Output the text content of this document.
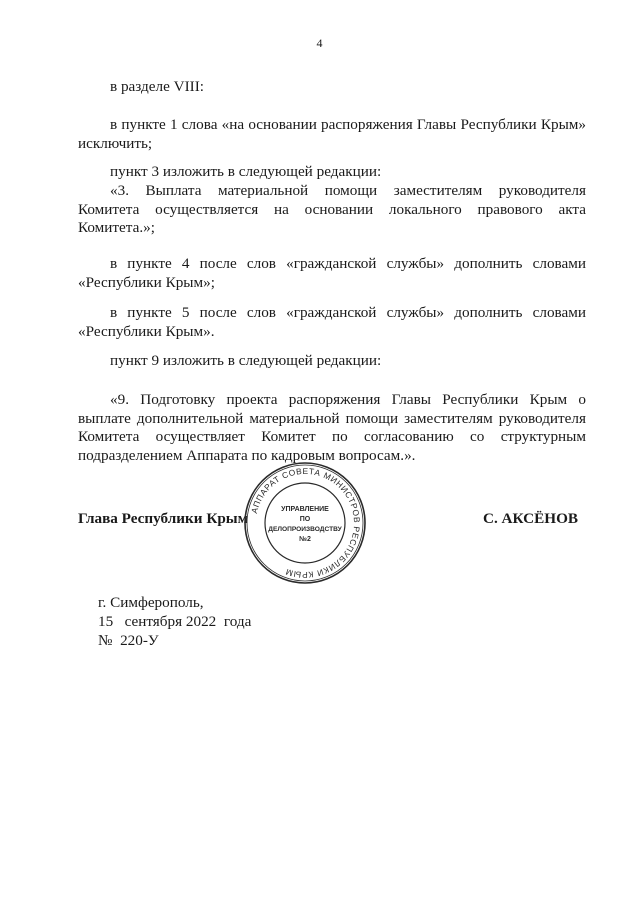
4
в разделе VIII:
в пункте 1 слова «на основании распоряжения Главы Республики Крым» исключить;
пункт 3 изложить в следующей редакции:
«3. Выплата материальной помощи заместителям руководителя Комитета осуществляется на основании локального правового акта Комитета.»;
в пункте 4 после слов «гражданской службы» дополнить словами «Республики Крым»;
в пункте 5 после слов «гражданской службы» дополнить словами «Республики Крым».
пункт 9 изложить в следующей редакции:
«9. Подготовку проекта распоряжения Главы Республики Крым о выплате дополнительной материальной помощи заместителям руководителя Комитета осуществляет Комитет по согласованию со структурным подразделением Аппарата по кадровым вопросам.».
Глава Республики Крым АППАРАТ СОВЕТА МИНИСТРОВ РЕСПУБЛИКИ КРЫМ
УПРАВЛЕНИЕ
ПО
ДЕЛОПРОИЗВОДСТВУ
№2
С. АКСЁНОВ
г. Симферополь,
15   сентября 2022  года
№  220-У
